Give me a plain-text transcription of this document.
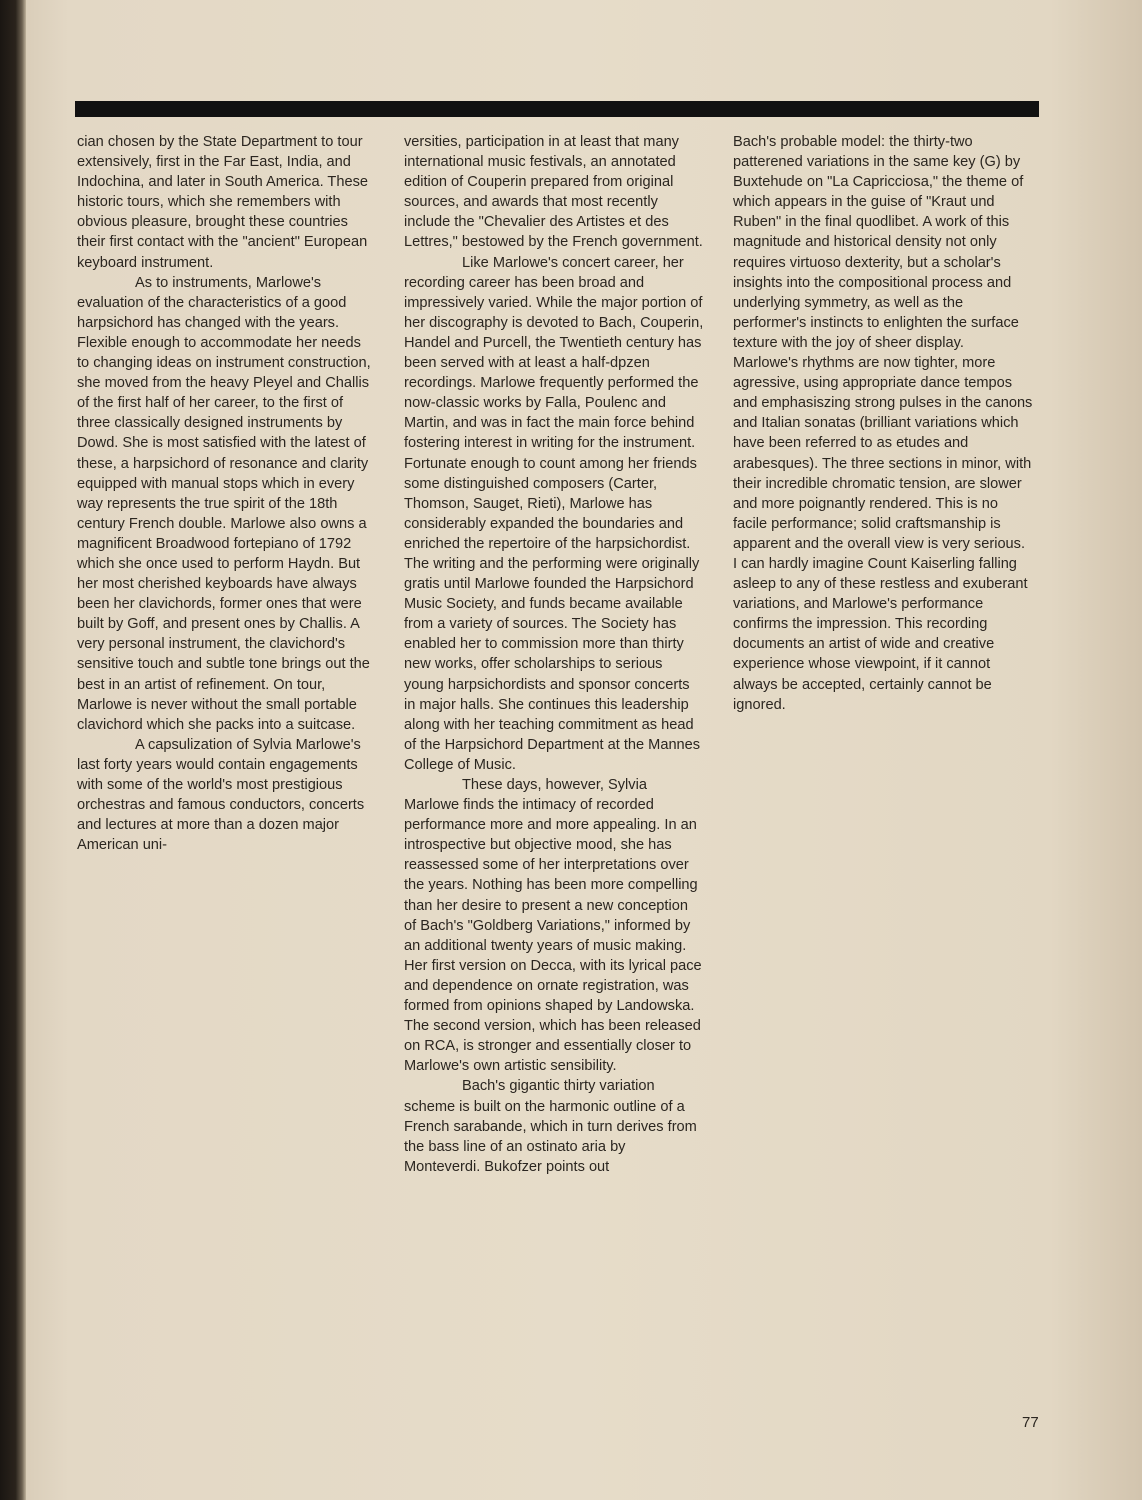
cian chosen by the State Department to tour extensively, first in the Far East, India, and Indochina, and later in South America. These historic tours, which she remembers with obvious pleasure, brought these countries their first contact with the "ancient" European keyboard instrument.

As to instruments, Marlowe's evaluation of the characteristics of a good harpsichord has changed with the years. Flexible enough to accommodate her needs to changing ideas on instrument construction, she moved from the heavy Pleyel and Challis of the first half of her career, to the first of three classically designed instruments by Dowd. She is most satisfied with the latest of these, a harpsichord of resonance and clarity equipped with manual stops which in every way represents the true spirit of the 18th century French double. Marlowe also owns a magnificent Broadwood fortepiano of 1792 which she once used to perform Haydn. But her most cherished keyboards have always been her clavichords, former ones that were built by Goff, and present ones by Challis. A very personal instrument, the clavichord's sensitive touch and subtle tone brings out the best in an artist of refinement. On tour, Marlowe is never without the small portable clavichord which she packs into a suitcase.

A capsulization of Sylvia Marlowe's last forty years would contain engagements with some of the world's most prestigious orchestras and famous conductors, concerts and lectures at more than a dozen major American uni-

versities, participation in at least that many international music festivals, an annotated edition of Couperin prepared from original sources, and awards that most recently include the "Chevalier des Artistes et des Lettres," bestowed by the French government.

Like Marlowe's concert career, her recording career has been broad and impressively varied. While the major portion of her discography is devoted to Bach, Couperin, Handel and Purcell, the Twentieth century has been served with at least a half-dpzen recordings. Marlowe frequently performed the now-classic works by Falla, Poulenc and Martin, and was in fact the main force behind fostering interest in writing for the instrument. Fortunate enough to count among her friends some distinguished composers (Carter, Thomson, Sauget, Rieti), Marlowe has considerably expanded the boundaries and enriched the repertoire of the harpsichordist. The writing and the performing were originally gratis until Marlowe founded the Harpsichord Music Society, and funds became available from a variety of sources. The Society has enabled her to commission more than thirty new works, offer scholarships to serious young harpsichordists and sponsor concerts in major halls. She continues this leadership along with her teaching commitment as head of the Harpsichord Department at the Mannes College of Music.

These days, however, Sylvia Marlowe finds the intimacy of recorded performance more and more appealing. In an introspective but objective mood, she has reassessed some of her interpretations over the years. Nothing has been more compelling than her desire to present a new conception of Bach's "Goldberg Variations," informed by an additional twenty years of music making. Her first version on Decca, with its lyrical pace and dependence on ornate registration, was formed from opinions shaped by Landowska. The second version, which has been released on RCA, is stronger and essentially closer to Marlowe's own artistic sensibility.

Bach's gigantic thirty variation scheme is built on the harmonic outline of a French sarabande, which in turn derives from the bass line of an ostinato aria by Monteverdi. Bukofzer points out

Bach's probable model: the thirty-two patterened variations in the same key (G) by Buxtehude on "La Capricciosa," the theme of which appears in the guise of "Kraut und Ruben" in the final quodlibet. A work of this magnitude and historical density not only requires virtuoso dexterity, but a scholar's insights into the compositional process and underlying symmetry, as well as the performer's instincts to enlighten the surface texture with the joy of sheer display. Marlowe's rhythms are now tighter, more agressive, using appropriate dance tempos and emphasiszing strong pulses in the canons and Italian sonatas (brilliant variations which have been referred to as etudes and arabesques). The three sections in minor, with their incredible chromatic tension, are slower and more poignantly rendered. This is no facile performance; solid craftsmanship is apparent and the overall view is very serious. I can hardly imagine Count Kaiserling falling asleep to any of these restless and exuberant variations, and Marlowe's performance confirms the impression. This recording documents an artist of wide and creative experience whose viewpoint, if it cannot always be accepted, certainly cannot be ignored.

77
